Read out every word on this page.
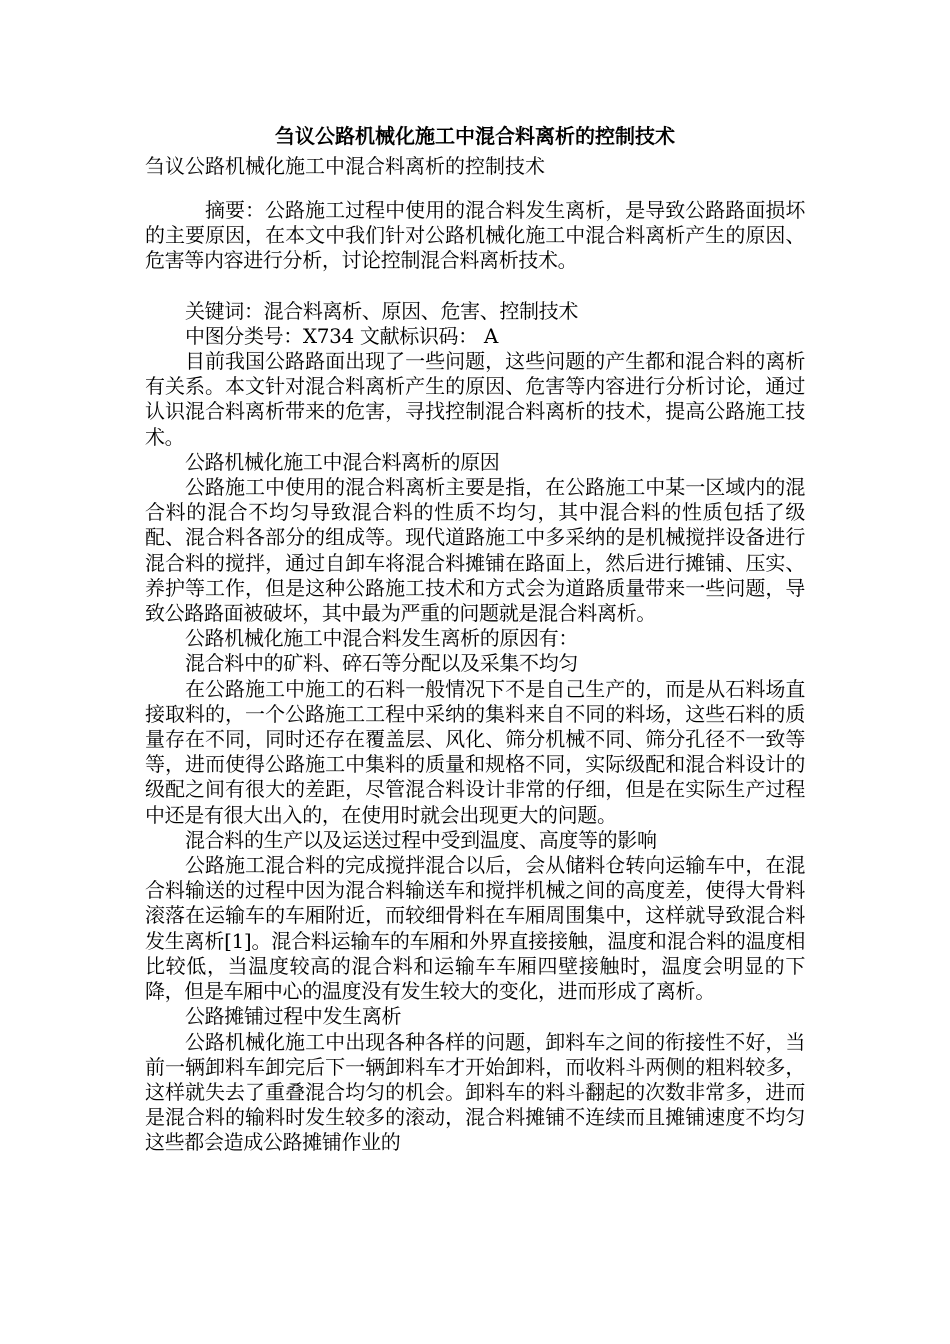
刍议公路机械化施工中混合料离析的控制技术
刍议公路机械化施工中混合料离析的控制技术

摘要：公路施工过程中使用的混合料发生离析，是导致公路路面损坏的主要原因，在本文中我们针对公路机械化施工中混合料离析产生的原因、危害等内容进行分析，讨论控制混合料离析技术。

关键词：混合料离析、原因、危害、控制技术

中图分类号：X734 文献标识码： A

目前我国公路路面出现了一些问题，这些问题的产生都和混合料的离析有关系。本文针对混合料离析产生的原因、危害等内容进行分析讨论，通过认识混合料离析带来的危害，寻找控制混合料离析的技术，提高公路施工技术。

公路机械化施工中混合料离析的原因

公路施工中使用的混合料离析主要是指，在公路施工中某一区域内的混合料的混合不均匀导致混合料的性质不均匀，其中混合料的性质包括了级配、混合料各部分的组成等。现代道路施工中多采纳的是机械搅拌设备进行混合料的搅拌，通过自卸车将混合料摊铺在路面上，然后进行摊铺、压实、养护等工作，但是这种公路施工技术和方式会为道路质量带来一些问题，导致公路路面被破坏，其中最为严重的问题就是混合料离析。

公路机械化施工中混合料发生离析的原因有：

混合料中的矿料、碎石等分配以及采集不均匀

在公路施工中施工的石料一般情况下不是自己生产的，而是从石料场直接取料的，一个公路施工工程中采纳的集料来自不同的料场，这些石料的质量存在不同，同时还存在覆盖层、风化、筛分机械不同、筛分孔径不一致等等，进而使得公路施工中集料的质量和规格不同，实际级配和混合料设计的级配之间有很大的差距，尽管混合料设计非常的仔细，但是在实际生产过程中还是有很大出入的，在使用时就会出现更大的问题。

混合料的生产以及运送过程中受到温度、高度等的影响

公路施工混合料的完成搅拌混合以后，会从储料仓转向运输车中，在混合料输送的过程中因为混合料输送车和搅拌机械之间的高度差，使得大骨料滚落在运输车的车厢附近，而较细骨料在车厢周围集中，这样就导致混合料发生离析[1]。混合料运输车的车厢和外界直接接触，温度和混合料的温度相比较低，当温度较高的混合料和运输车车厢四壁接触时，温度会明显的下降，但是车厢中心的温度没有发生较大的变化，进而形成了离析。

公路摊铺过程中发生离析

公路机械化施工中出现各种各样的问题，卸料车之间的衔接性不好，当前一辆卸料车卸完后下一辆卸料车才开始卸料，而收料斗两侧的粗料较多，这样就失去了重叠混合均匀的机会。卸料车的料斗翻起的次数非常多，进而是混合料的输料时发生较多的滚动，混合料摊铺不连续而且摊铺速度不均匀这些都会造成公路摊铺作业的
